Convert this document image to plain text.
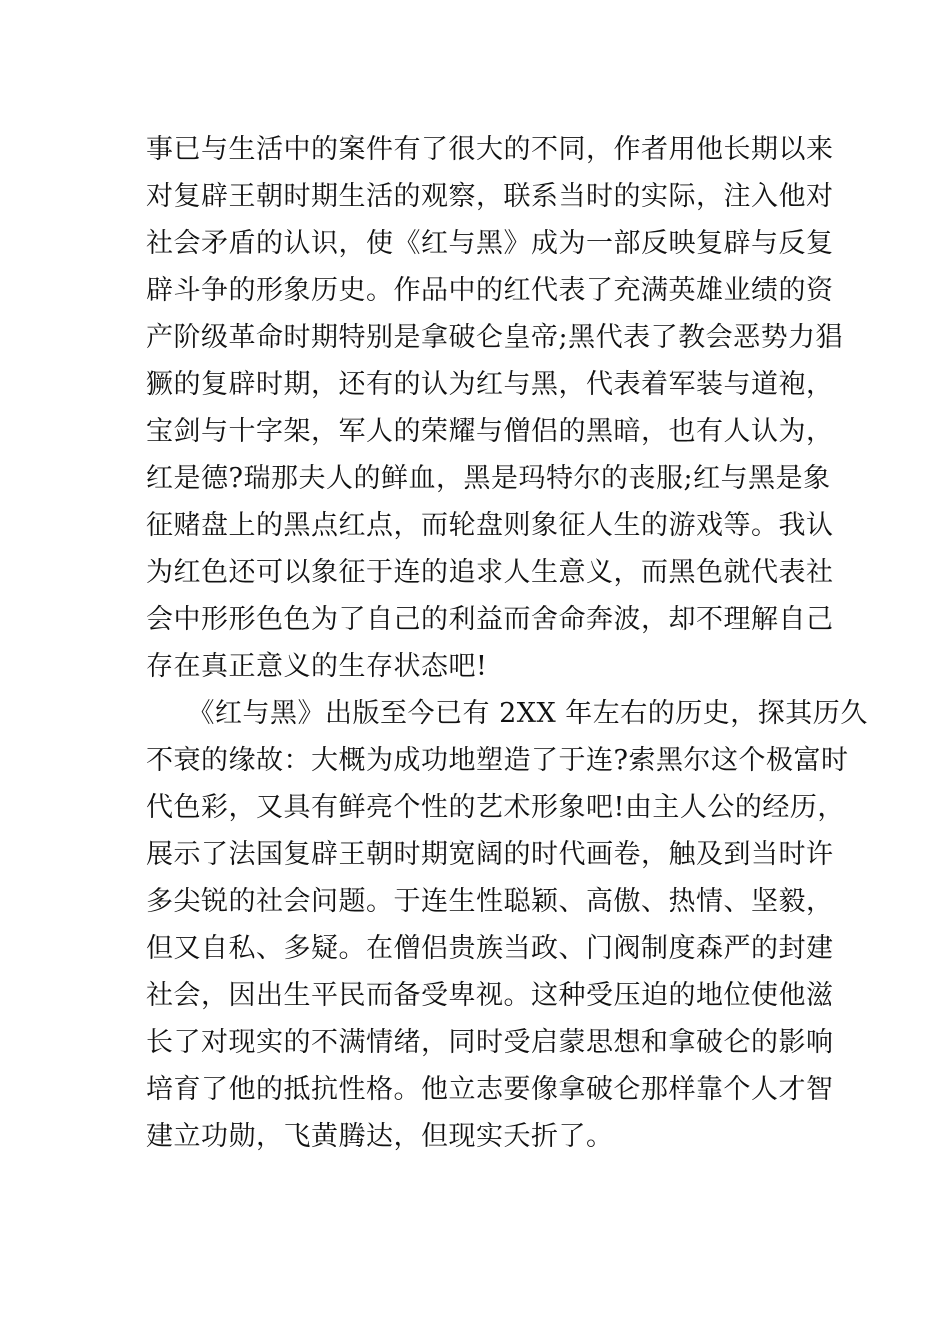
事已与生活中的案件有了很大的不同，作者用他长期以来
对复辟王朝时期生活的观察，联系当时的实际，注入他对
社会矛盾的认识，使《红与黑》成为一部反映复辟与反复
辟斗争的形象历史。作品中的红代表了充满英雄业绩的资
产阶级革命时期特别是拿破仑皇帝;黑代表了教会恶势力猖
獗的复辟时期，还有的认为红与黑，代表着军装与道袍，
宝剑与十字架，军人的荣耀与僧侣的黑暗，也有人认为，
红是德?瑞那夫人的鲜血，黑是玛特尔的丧服;红与黑是象
征赌盘上的黑点红点，而轮盘则象征人生的游戏等。我认
为红色还可以象征于连的追求人生意义，而黑色就代表社
会中形形色色为了自己的利益而舍命奔波，却不理解自己
存在真正意义的生存状态吧!
　　《红与黑》出版至今已有 2XX 年左右的历史，探其历久
不衰的缘故：大概为成功地塑造了于连?索黑尔这个极富时
代色彩，又具有鲜亮个性的艺术形象吧!由主人公的经历，
展示了法国复辟王朝时期宽阔的时代画卷，触及到当时许
多尖锐的社会问题。于连生性聪颖、高傲、热情、坚毅，
但又自私、多疑。在僧侣贵族当政、门阀制度森严的封建
社会，因出生平民而备受卑视。这种受压迫的地位使他滋
长了对现实的不满情绪，同时受启蒙思想和拿破仑的影响
培育了他的抵抗性格。他立志要像拿破仑那样靠个人才智
建立功勋，飞黄腾达，但现实夭折了。
